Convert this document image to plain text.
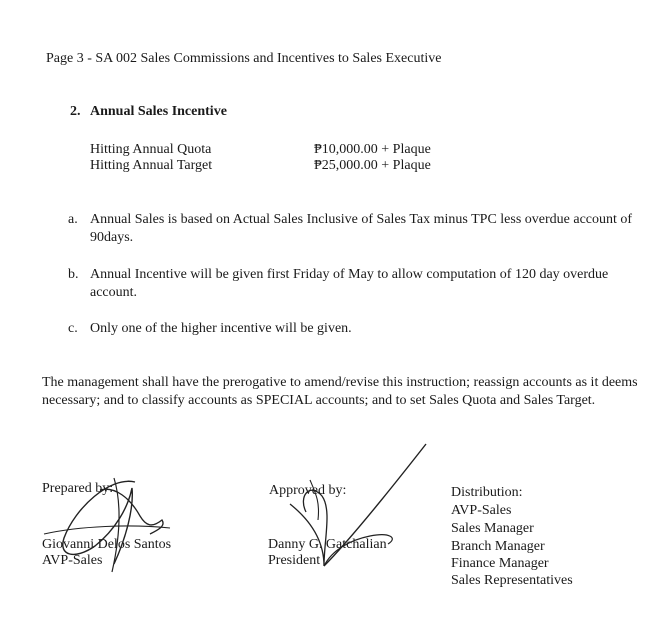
Page 3 - SA 002 Sales Commissions and Incentives to Sales Executive
2. Annual Sales Incentive
Hitting Annual Quota	₱10,000.00 + Plaque
Hitting Annual Target	₱25,000.00 + Plaque
a. Annual Sales is based on Actual Sales Inclusive of Sales Tax minus TPC less overdue account of 90days.
b. Annual Incentive will be given first Friday of May to allow computation of 120 day overdue account.
c. Only one of the higher incentive will be given.
The management shall have the prerogative to amend/revise this instruction; reassign accounts as it deems necessary; and to classify accounts as SPECIAL accounts; and to set Sales Quota and Sales Target.
Prepared by:
Giovanni Delos Santos
AVP-Sales
Approved by:
Danny G. Gatchalian
President
Distribution:
AVP-Sales
Sales Manager
Branch Manager
Finance Manager
Sales Representatives
